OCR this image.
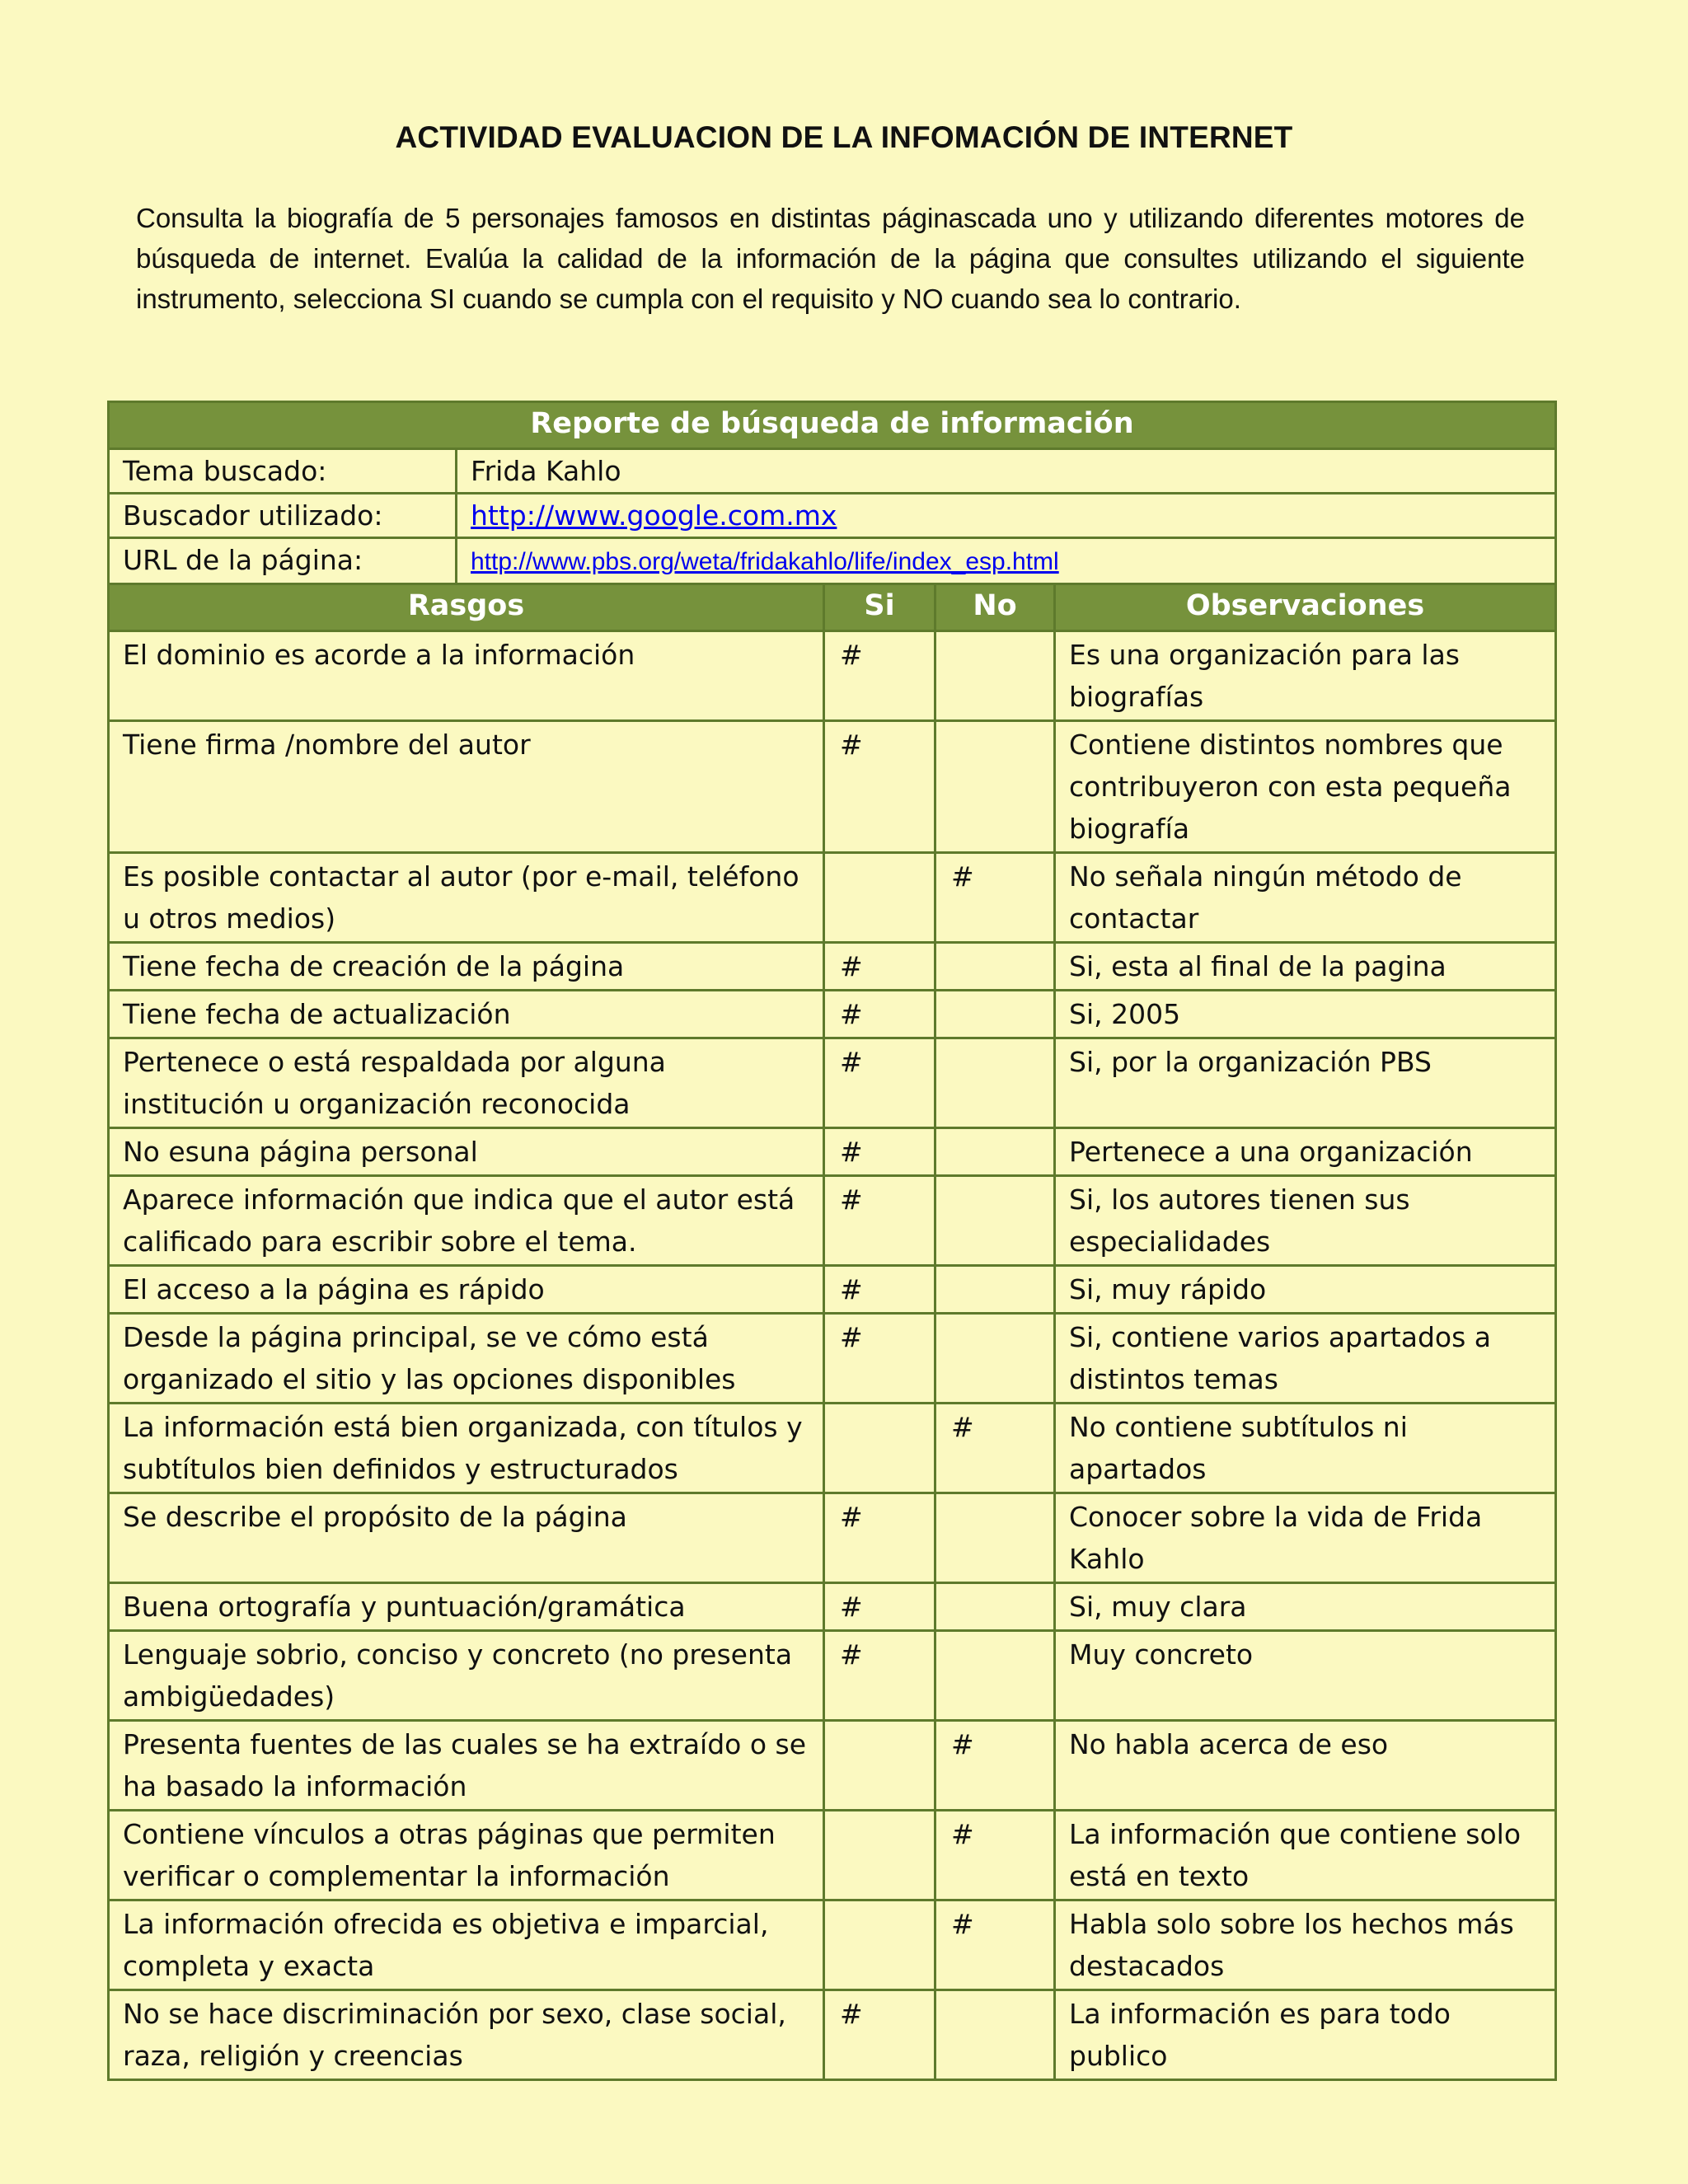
ACTIVIDAD EVALUACION DE LA INFOMACIÓN DE INTERNET
Consulta la biografía de 5 personajes famosos en distintas páginascada uno y utilizando diferentes motores de búsqueda de internet. Evalúa la calidad de la información de la página que consultes utilizando el siguiente instrumento, selecciona SI cuando se cumpla con el requisito y NO cuando sea lo contrario.
Reporte de búsqueda de información				
Tema buscado:	Frida Kahlo			
Buscador utilizado:	http://www.google.com.mx			
URL de la página:	http://www.pbs.org/weta/fridakahlo/life/index_esp.html			
Rasgos		Si	No	Observaciones
El dominio es acorde a la información		#		Es una organización para las biografías
Tiene firma /nombre del autor		#		Contiene distintos nombres que contribuyeron con esta pequeña biografía
Es posible contactar al autor (por e-mail, teléfono u otros medios)			#	No señala ningún método de contactar
Tiene fecha de creación de la página		#		Si, esta al final de la pagina
Tiene fecha de actualización		#		Si, 2005
Pertenece o está respaldada por alguna institución u organización reconocida		#		Si, por la organización PBS
No esuna página personal		#		Pertenece a una organización
Aparece información que indica que el autor está calificado para escribir sobre el tema.		#		Si, los autores tienen sus especialidades
El acceso a la página es rápido		#		Si, muy rápido
Desde la página principal, se ve cómo está organizado el sitio y las opciones disponibles		#		Si, contiene varios apartados a distintos temas
La información está bien organizada, con títulos y subtítulos bien definidos y estructurados			#	No contiene subtítulos ni apartados
Se describe el propósito de la página		#		Conocer sobre la vida de Frida Kahlo
Buena ortografía y puntuación/gramática		#		Si, muy clara
Lenguaje sobrio, conciso y concreto (no presenta ambigüedades)		#		Muy concreto
Presenta fuentes de las cuales se ha extraído o se ha basado la información			#	No habla acerca de eso
Contiene vínculos a otras páginas que permiten verificar o complementar la información			#	La información que contiene solo está en texto
La información ofrecida es objetiva e imparcial, completa y exacta			#	Habla solo sobre los hechos más destacados
No se hace discriminación por sexo, clase social, raza, religión y creencias		#		La información es para todo publico
